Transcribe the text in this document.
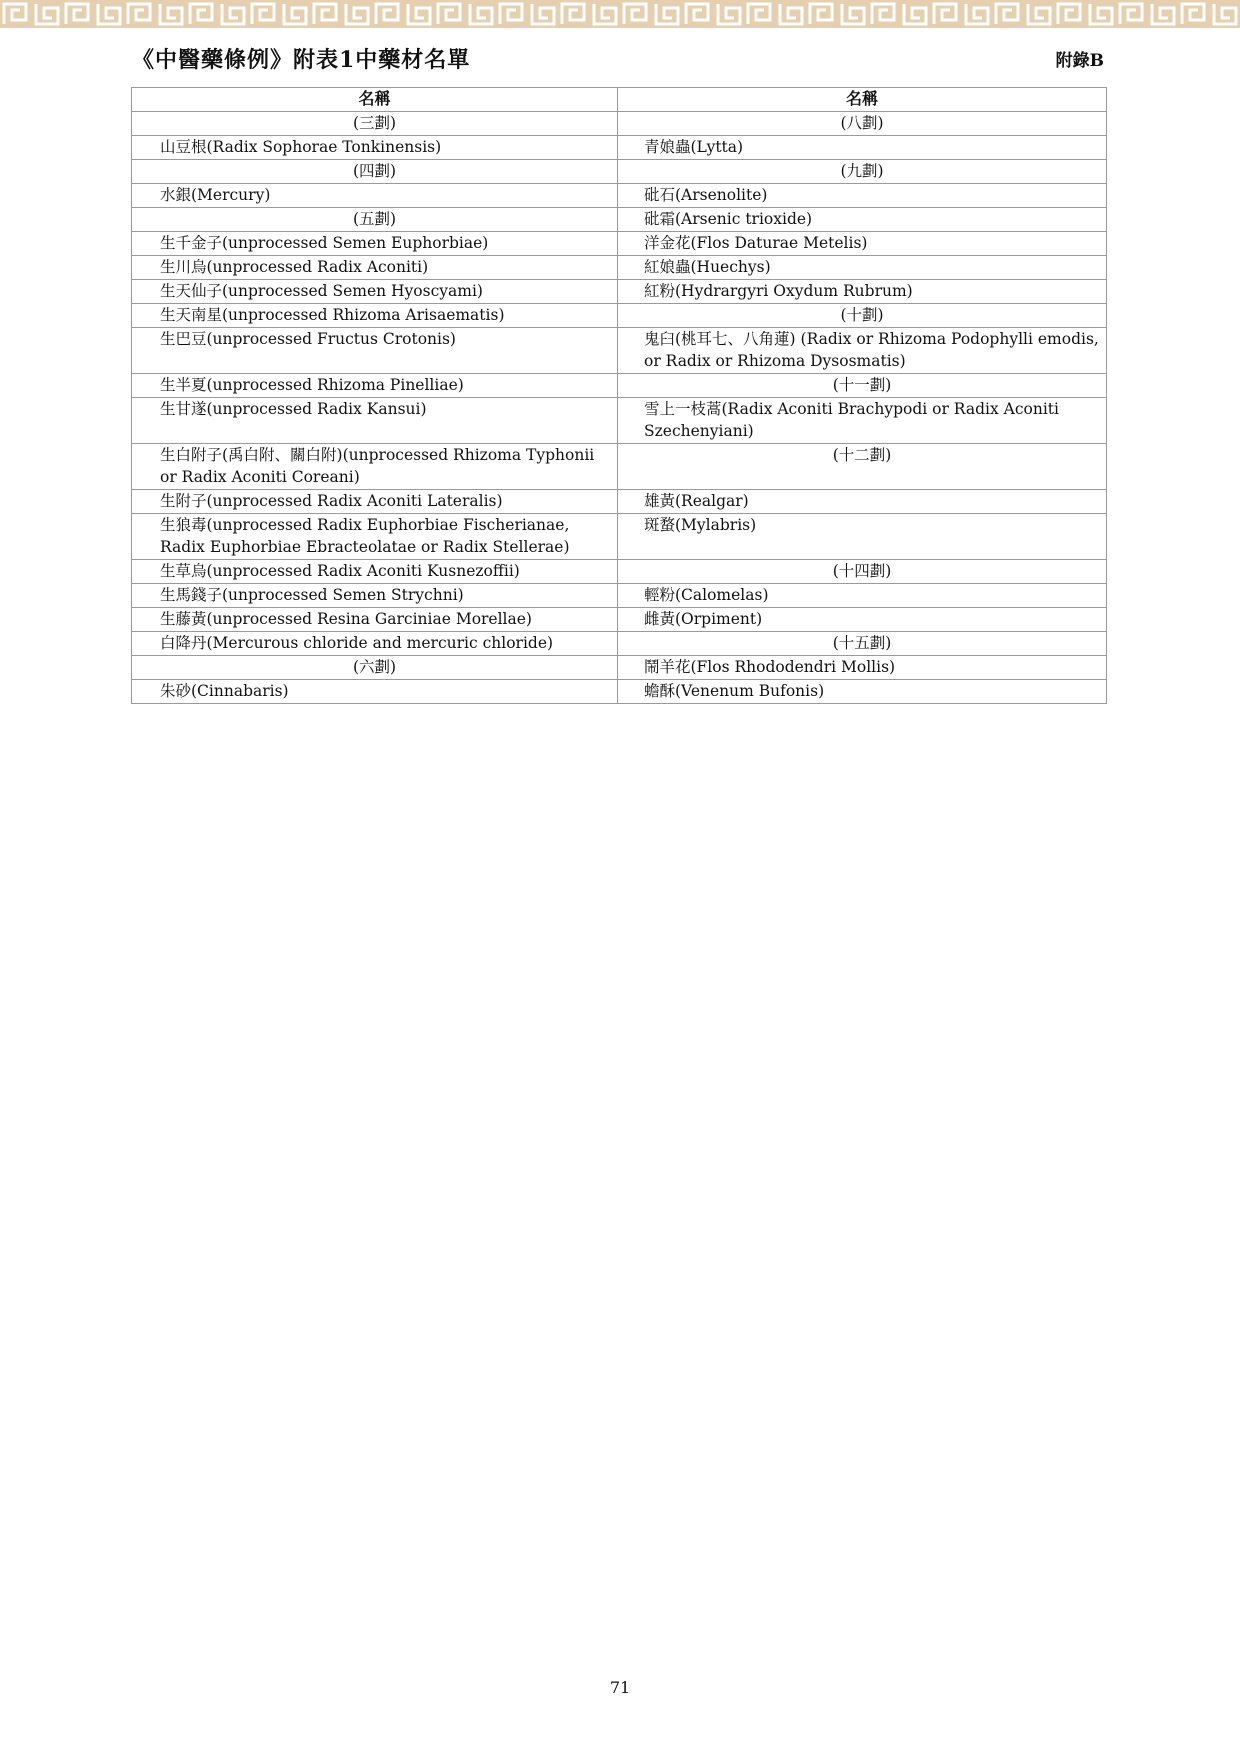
《中醫藥條例》附表1中藥材名單	附錄B
名稱	名稱
(三劃)	(八劃)
山豆根(Radix Sophorae Tonkinensis)	青娘蟲(Lytta)
(四劃)	(九劃)
水銀(Mercury)	砒石(Arsenolite)
(五劃)	砒霜(Arsenic trioxide)
生千金子(unprocessed Semen Euphorbiae)	洋金花(Flos Daturae Metelis)
生川烏(unprocessed Radix Aconiti)	紅娘蟲(Huechys)
生天仙子(unprocessed Semen Hyoscyami)	紅粉(Hydrargyri Oxydum Rubrum)
生天南星(unprocessed Rhizoma Arisaematis)	(十劃)
生巴豆(unprocessed Fructus Crotonis)	鬼臼(桃耳七、八角蓮) (Radix or Rhizoma Podophylli emodis, or Radix or Rhizoma Dysosmatis)
生半夏(unprocessed Rhizoma Pinelliae)	(十一劃)
生甘遂(unprocessed Radix Kansui)	雪上一枝蒿(Radix Aconiti Brachypodi or Radix Aconiti Szechenyiani)
生白附子(禹白附、關白附)(unprocessed Rhizoma Typhonii or Radix Aconiti Coreani)	(十二劃)
生附子(unprocessed Radix Aconiti Lateralis)	雄黃(Realgar)
生狼毒(unprocessed Radix Euphorbiae Fischerianae, Radix Euphorbiae Ebracteolatae or Radix Stellerae)	斑蝥(Mylabris)
生草烏(unprocessed Radix Aconiti Kusnezoffii)	(十四劃)
生馬錢子(unprocessed Semen Strychni)	輕粉(Calomelas)
生藤黃(unprocessed Resina Garciniae Morellae)	雌黃(Orpiment)
白降丹(Mercurous chloride and mercuric chloride)	(十五劃)
(六劃)	鬧羊花(Flos Rhododendri Mollis)
朱砂(Cinnabaris)	蟾酥(Venenum Bufonis)
71
